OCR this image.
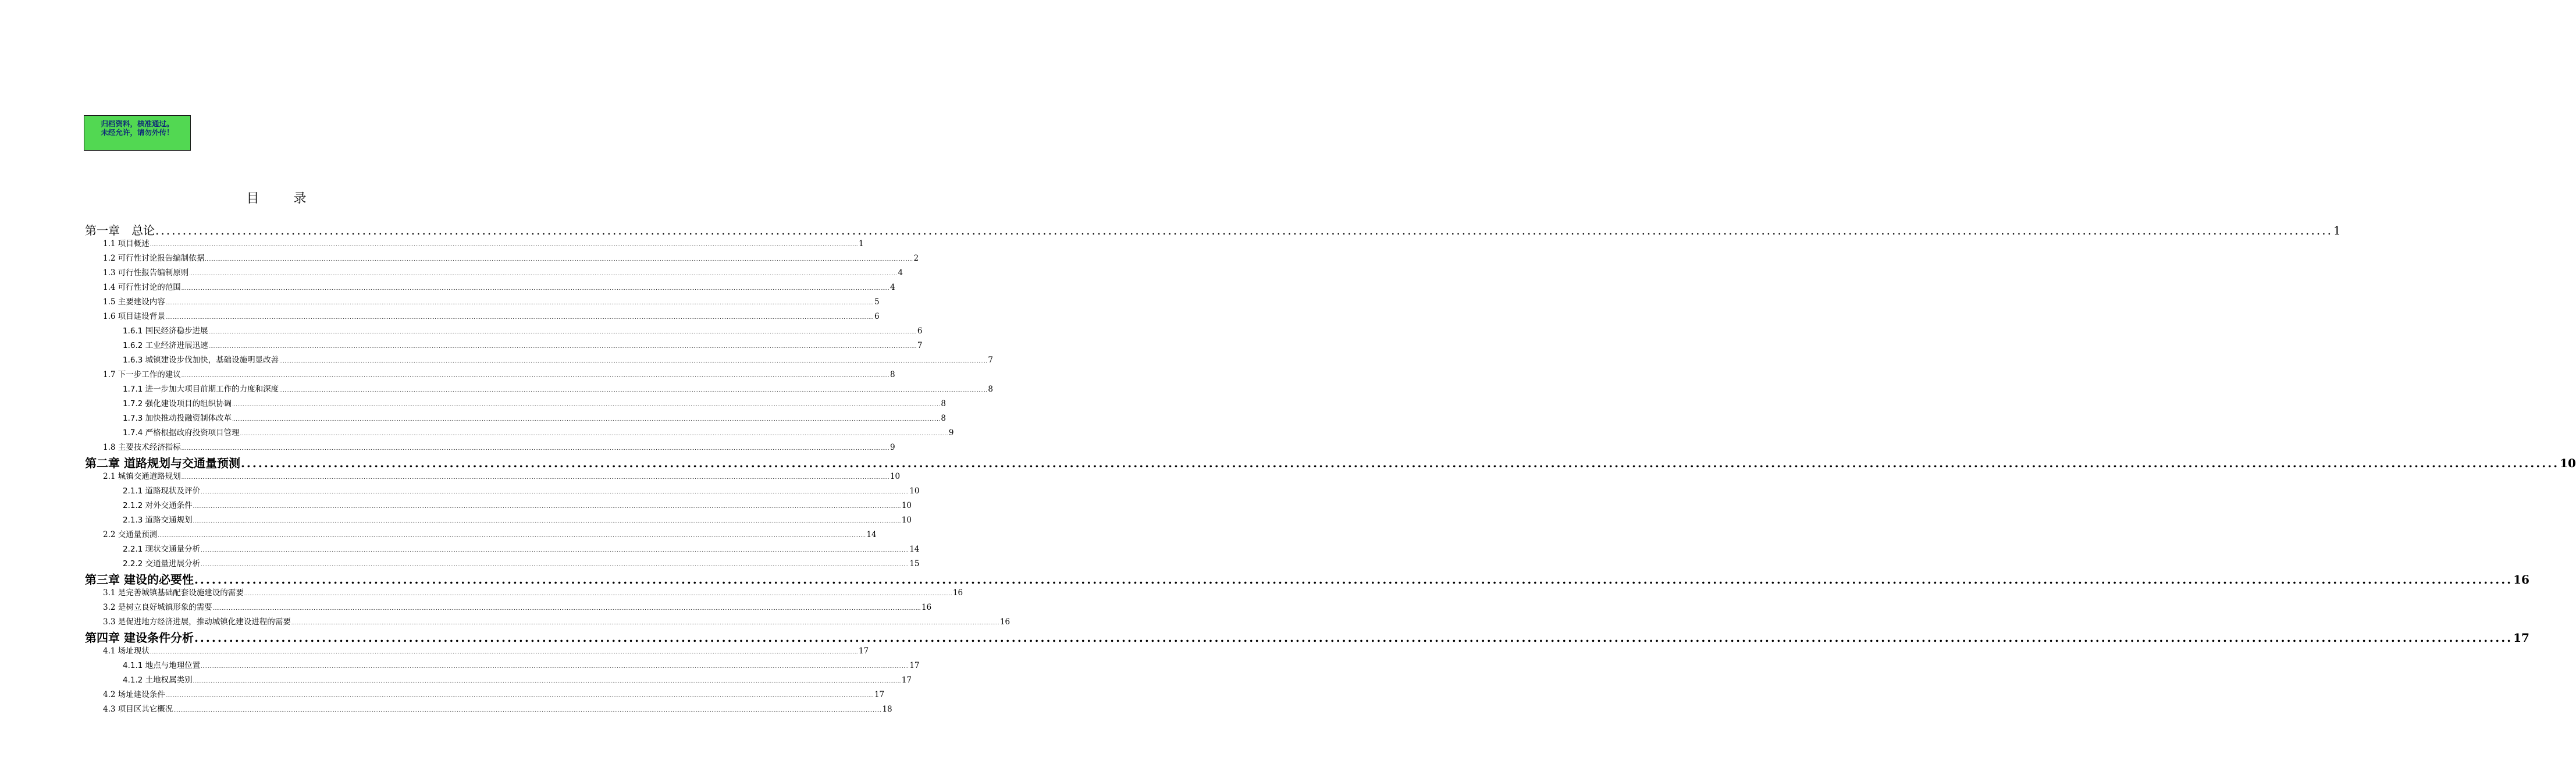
归档资料，核准通过。
未经允许，请勿外传！
目 录
第一章　总论 ................................................................................................................................................................................................................................................................................................................................................................................................................ 1
1.1 项目概述 ................................................................................................................................................................................................................................................................................................................................................................................................................ 1
1.2 可行性讨论报告编制依据 ................................................................................................................................................................................................................................................................................................................................................................................................................ 2
1.3 可行性报告编制原则 ................................................................................................................................................................................................................................................................................................................................................................................................................ 4
1.4 可行性讨论的范围 ................................................................................................................................................................................................................................................................................................................................................................................................................ 4
1.5 主要建设内容 ................................................................................................................................................................................................................................................................................................................................................................................................................ 5
1.6 项目建设背景 ................................................................................................................................................................................................................................................................................................................................................................................................................ 6
1.6.1 国民经济稳步进展 ................................................................................................................................................................................................................................................................................................................................................................................................................ 6
1.6.2 工业经济进展迅速 ................................................................................................................................................................................................................................................................................................................................................................................................................ 7
1.6.3 城镇建设步伐加快，基础设施明显改善 ................................................................................................................................................................................................................................................................................................................................................................................................................ 7
1.7 下一步工作的建议 ................................................................................................................................................................................................................................................................................................................................................................................................................ 8
1.7.1 进一步加大项目前期工作的力度和深度 ................................................................................................................................................................................................................................................................................................................................................................................................................ 8
1.7.2 强化建设项目的组织协调 ................................................................................................................................................................................................................................................................................................................................................................................................................ 8
1.7.3 加快推动投融资制体改革 ................................................................................................................................................................................................................................................................................................................................................................................................................ 8
1.7.4 严格根据政府投资项目管理 ................................................................................................................................................................................................................................................................................................................................................................................................................ 9
1.8 主要技术经济指标 ................................................................................................................................................................................................................................................................................................................................................................................................................ 9
第二章 道路规划与交通量预测 ................................................................................................................................................................................................................................................................................................................................................................................................................ 10
2.1 城镇交通道路规划 ................................................................................................................................................................................................................................................................................................................................................................................................................ 10
2.1.1 道路现状及评价 ................................................................................................................................................................................................................................................................................................................................................................................................................ 10
2.1.2 对外交通条件 ................................................................................................................................................................................................................................................................................................................................................................................................................ 10
2.1.3 道路交通规划 ................................................................................................................................................................................................................................................................................................................................................................................................................ 10
2.2 交通量预测 ................................................................................................................................................................................................................................................................................................................................................................................................................ 14
2.2.1 现状交通量分析 ................................................................................................................................................................................................................................................................................................................................................................................................................ 14
2.2.2 交通量进展分析 ................................................................................................................................................................................................................................................................................................................................................................................................................ 15
第三章 建设的必要性 ................................................................................................................................................................................................................................................................................................................................................................................................................ 16
3.1 是完善城镇基础配套设施建设的需要 ................................................................................................................................................................................................................................................................................................................................................................................................................ 16
3.2 是树立良好城镇形象的需要 ................................................................................................................................................................................................................................................................................................................................................................................................................ 16
3.3 是促进地方经济进展，推动城镇化建设进程的需要 ................................................................................................................................................................................................................................................................................................................................................................................................................ 16
第四章 建设条件分析 ................................................................................................................................................................................................................................................................................................................................................................................................................ 17
4.1 场址现状 ................................................................................................................................................................................................................................................................................................................................................................................................................ 17
4.1.1 地点与地理位置 ................................................................................................................................................................................................................................................................................................................................................................................................................ 17
4.1.2 土地权属类别 ................................................................................................................................................................................................................................................................................................................................................................................................................ 17
4.2 场址建设条件 ................................................................................................................................................................................................................................................................................................................................................................................................................ 17
4.3 项目区其它概况 ................................................................................................................................................................................................................................................................................................................................................................................................................ 18
